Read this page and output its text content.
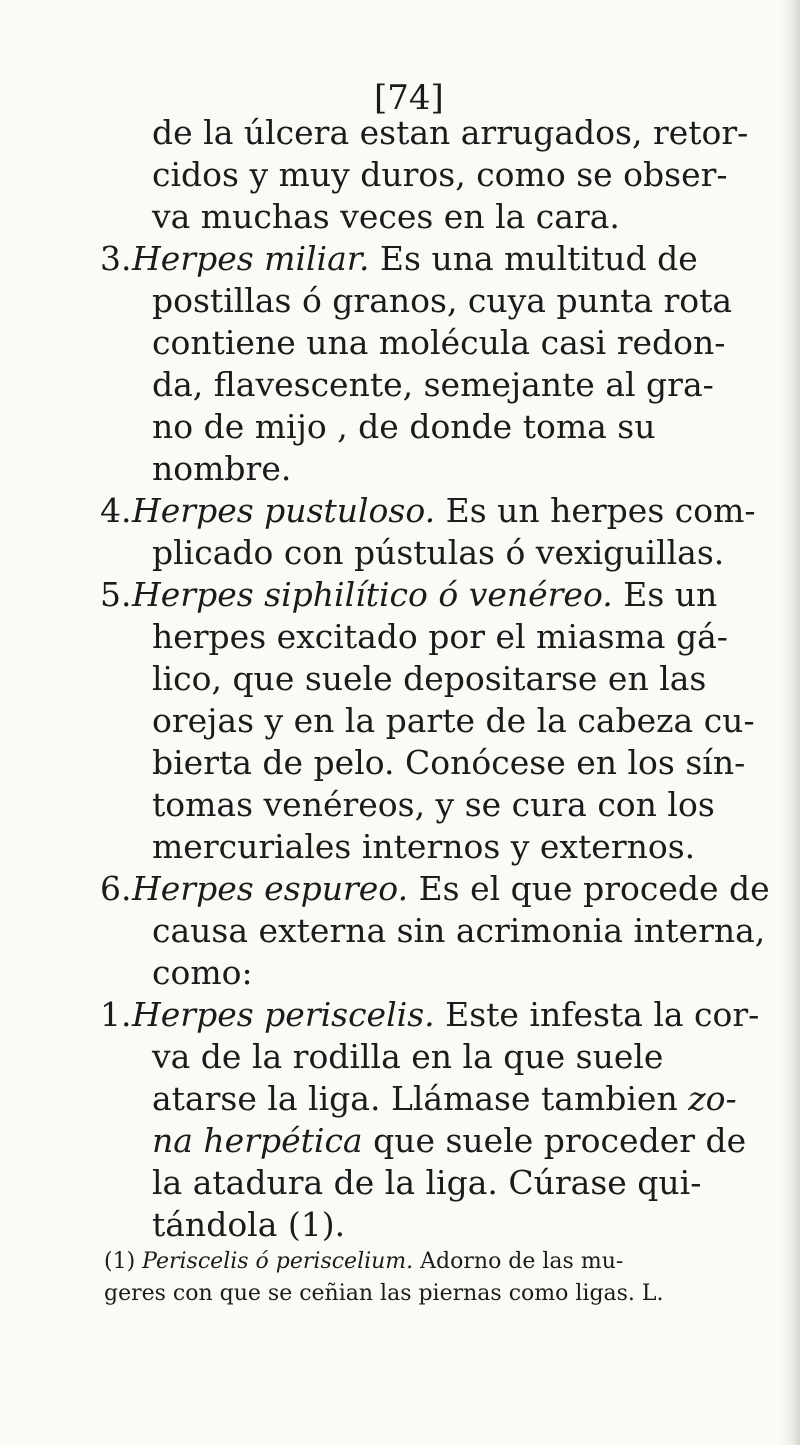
[74]
de la úlcera estan arrugados, retor-
cidos y muy duros, como se obser-
va muchas veces en la cara.
3. Herpes miliar. Es una multitud de
postillas ó granos, cuya punta rota
contiene una molécula casi redon-
da, flavescente, semejante al gra-
no de mijo , de donde toma su
nombre.
4. Herpes pustuloso. Es un herpes com-
plicado con pústulas ó vexiguillas.
5. Herpes siphilítico ó venéreo. Es un
herpes excitado por el miasma gá-
lico, que suele depositarse en las
orejas y en la parte de la cabeza cu-
bierta de pelo. Conócese en los sín-
tomas venéreos, y se cura con los
mercuriales internos y externos.
6. Herpes espureo. Es el que procede de
causa externa sin acrimonia interna,
como:
1. Herpes periscelis. Este infesta la cor-
va de la rodilla en la que suele
atarse la liga. Llámase tambien zo-
na herpética que suele proceder de
la atadura de la liga. Cúrase qui-
tándola (1).
(1) Periscelis ó periscelium. Adorno de las mu-
geres con que se ceñian las piernas como ligas. L.
